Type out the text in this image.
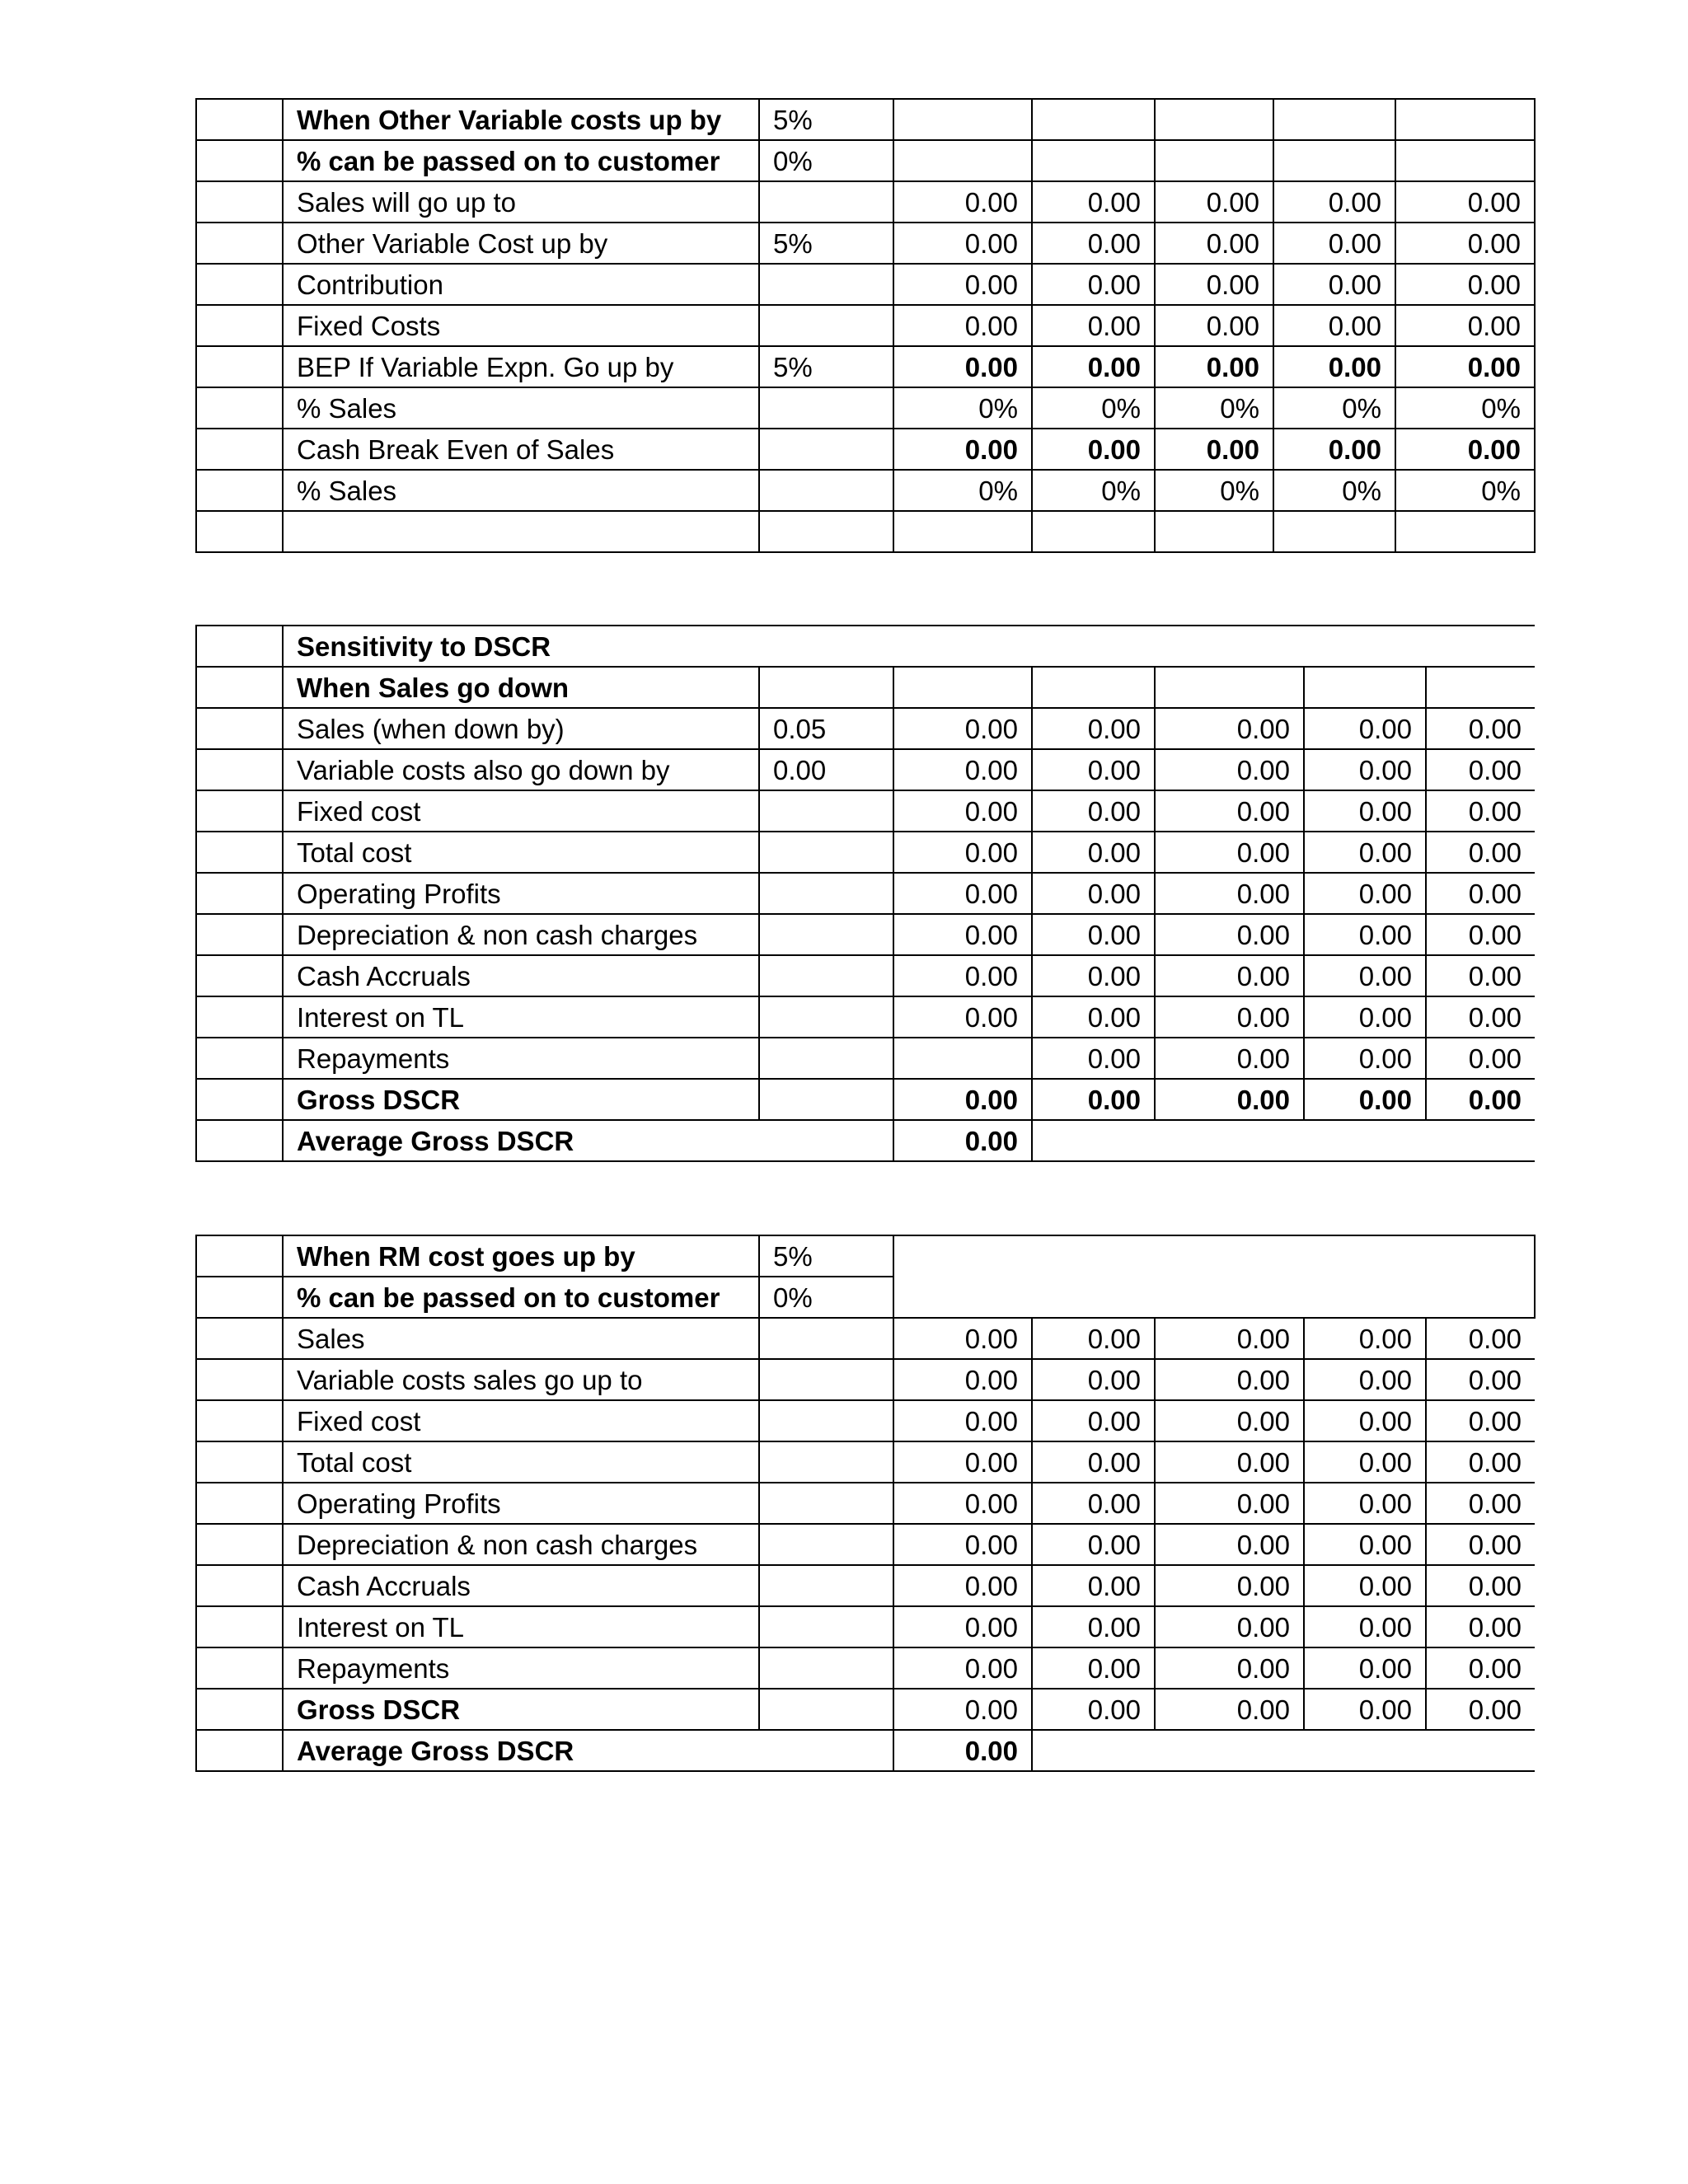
	When Other Variable costs up by	5%					
	% can be passed on to customer	0%					
	Sales will go up to		0.00	0.00	0.00	0.00	0.00
	Other Variable Cost up by	5%	0.00	0.00	0.00	0.00	0.00
	Contribution		0.00	0.00	0.00	0.00	0.00
	Fixed Costs		0.00	0.00	0.00	0.00	0.00
	BEP If Variable Expn. Go up by	5%	0.00	0.00	0.00	0.00	0.00
	% Sales		0%	0%	0%	0%	0%
	Cash Break Even of Sales		0.00	0.00	0.00	0.00	0.00
	% Sales		0%	0%	0%	0%	0%

	Sensitivity to DSCR						
	When Sales go down						
	Sales (when down by)	0.05	0.00	0.00	0.00	0.00	0.00
	Variable costs also go down by	0.00	0.00	0.00	0.00	0.00	0.00
	Fixed cost		0.00	0.00	0.00	0.00	0.00
	Total cost		0.00	0.00	0.00	0.00	0.00
	Operating Profits		0.00	0.00	0.00	0.00	0.00
	Depreciation & non cash charges		0.00	0.00	0.00	0.00	0.00
	Cash Accruals		0.00	0.00	0.00	0.00	0.00
	Interest on TL		0.00	0.00	0.00	0.00	0.00
	Repayments			0.00	0.00	0.00	0.00
	Gross DSCR		0.00	0.00	0.00	0.00	0.00
	Average Gross DSCR		0.00				
	When RM cost goes up by	5%					
	% can be passed on to customer	0%					
	Sales		0.00	0.00	0.00	0.00	0.00
	Variable costs sales go up to		0.00	0.00	0.00	0.00	0.00
	Fixed cost		0.00	0.00	0.00	0.00	0.00
	Total cost		0.00	0.00	0.00	0.00	0.00
	Operating Profits		0.00	0.00	0.00	0.00	0.00
	Depreciation & non cash charges		0.00	0.00	0.00	0.00	0.00
	Cash Accruals		0.00	0.00	0.00	0.00	0.00
	Interest on TL		0.00	0.00	0.00	0.00	0.00
	Repayments		0.00	0.00	0.00	0.00	0.00
	Gross DSCR		0.00	0.00	0.00	0.00	0.00
	Average Gross DSCR		0.00				
